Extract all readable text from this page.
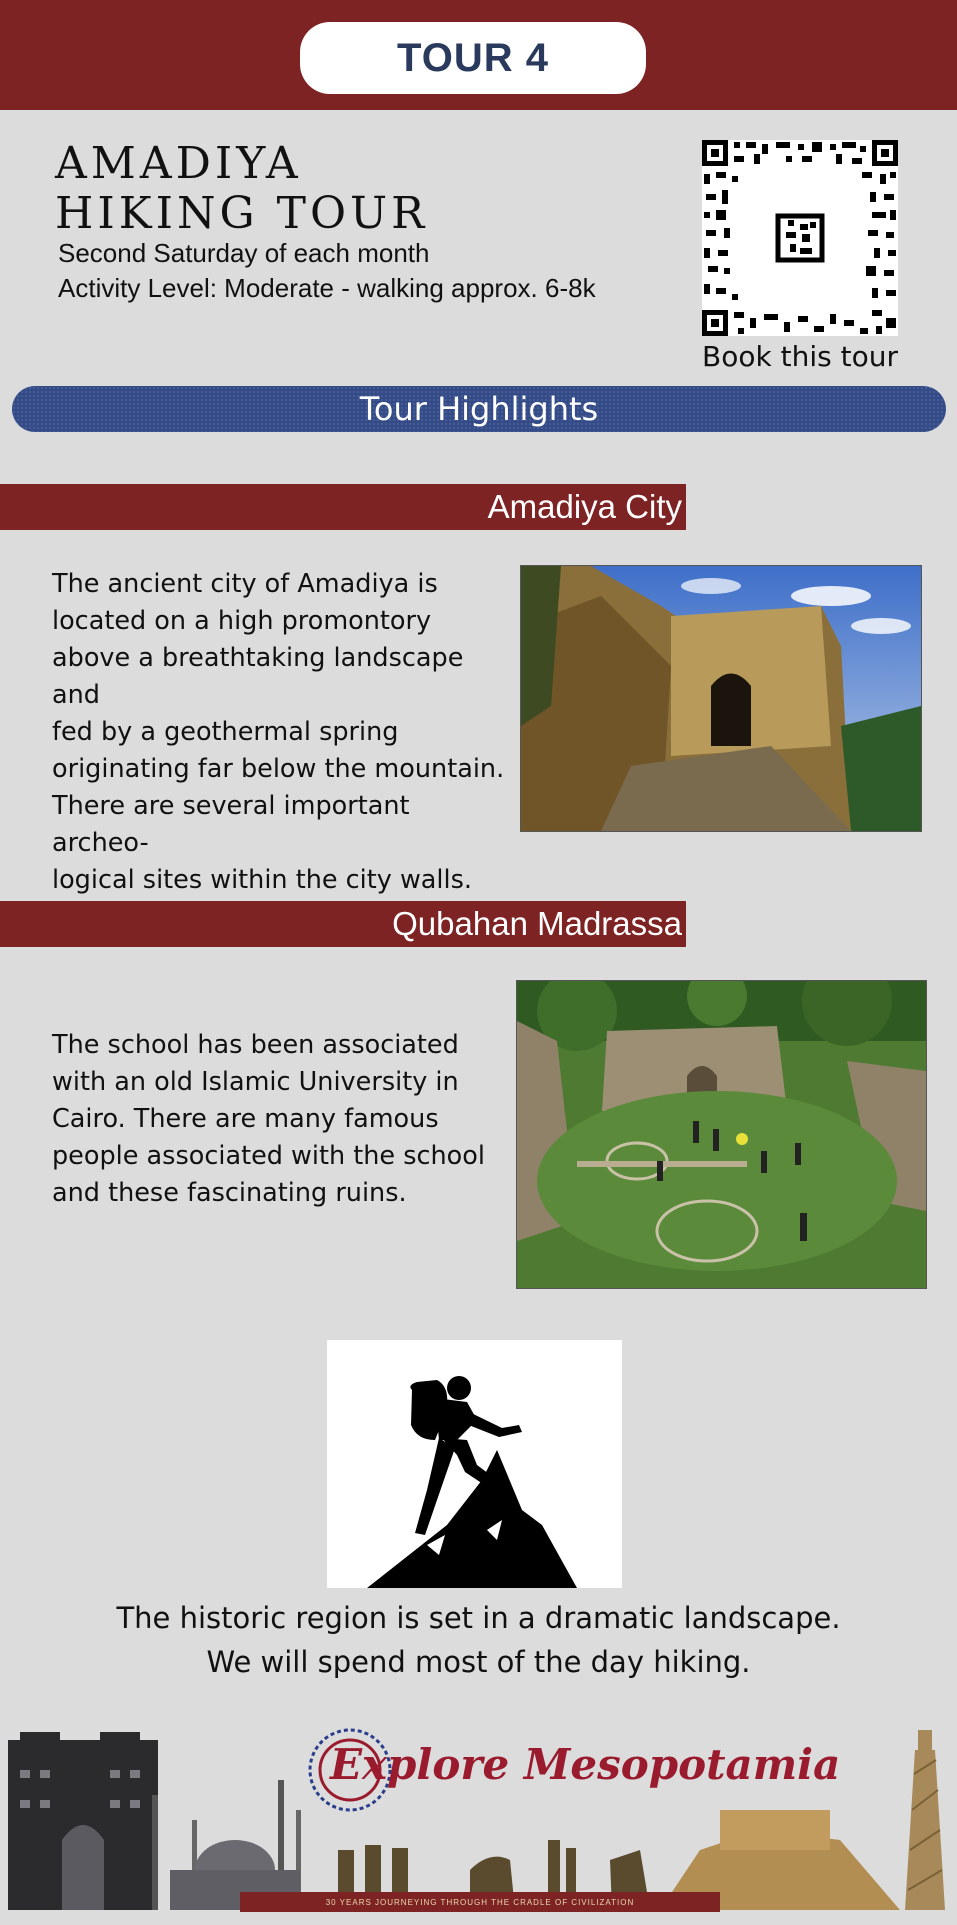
TOUR 4
AMADIYA
HIKING TOUR
Second Saturday of each month
Activity Level: Moderate - walking approx. 6-8k
Book this tour
Tour Highlights
Amadiya City
The ancient city of Amadiya is
located on a high promontory
above a breathtaking landscape and
fed by a geothermal spring
originating far below the mountain.
There are several important archeo-
logical sites within the city walls.

Qubahan Madrassa
The school has been associated
with an old Islamic University in
Cairo. There are many famous
people associated with the school
and these fascinating ruins.
The historic region is set in a dramatic landscape.
We will spend most of the day hiking.
Explore Mesopotamia
30 YEARS JOURNEYING THROUGH THE CRADLE OF CIVILIZATION
